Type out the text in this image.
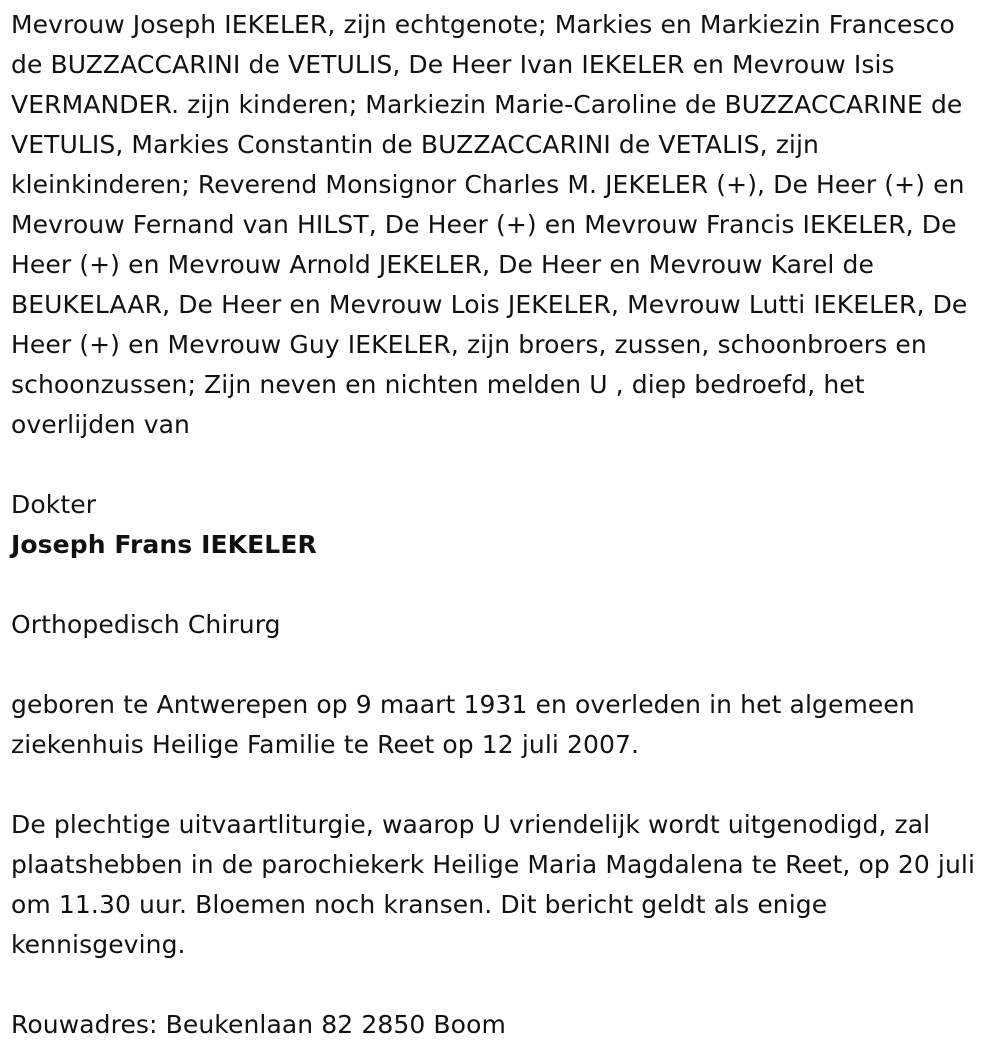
Mevrouw Joseph IEKELER, zijn echtgenote; Markies en Markiezin Francesco de BUZZACCARINI de VETULIS, De Heer Ivan IEKELER en Mevrouw Isis VERMANDER. zijn kinderen; Markiezin Marie-Caroline de BUZZACCARINE de VETULIS, Markies Constantin de BUZZACCARINI de VETALIS, zijn kleinkinderen; Reverend Monsignor Charles M. JEKELER (+), De Heer (+) en Mevrouw Fernand van HILST, De Heer (+) en Mevrouw Francis IEKELER, De Heer (+) en Mevrouw Arnold JEKELER, De Heer en Mevrouw Karel de BEUKELAAR, De Heer en Mevrouw Lois JEKELER, Mevrouw Lutti IEKELER, De Heer (+) en Mevrouw Guy IEKELER, zijn broers, zussen, schoonbroers en schoonzussen; Zijn neven en nichten melden U , diep bedroefd, het overlijden van

Dokter

Joseph Frans IEKELER

Orthopedisch Chirurg

geboren te Antwerepen op 9 maart 1931 en overleden in het algemeen ziekenhuis Heilige Familie te Reet op 12 juli 2007.

De plechtige uitvaartliturgie, waarop U vriendelijk wordt uitgenodigd, zal plaatshebben in de parochiekerk Heilige Maria Magdalena te Reet, op 20 juli om 11.30 uur. Bloemen noch kransen. Dit bericht geldt als enige kennisgeving.

Rouwadres: Beukenlaan 82 2850 Boom
